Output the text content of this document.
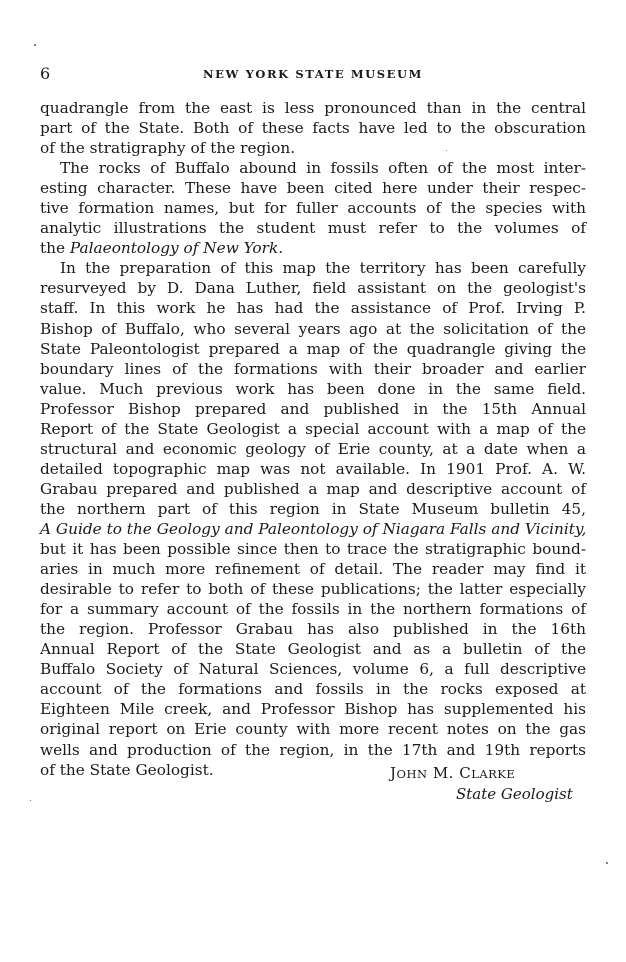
6	NEW YORK STATE MUSEUM
quadrangle from the east is less pronounced than in the central
part of the State. Both of these facts have led to the obscuration
of the stratigraphy of the region.
The rocks of Buffalo abound in fossils often of the most inter-
esting character. These have been cited here under their respec-
tive formation names, but for fuller accounts of the species with
analytic illustrations the student must refer to the volumes of
the Palaeontology of New York.
In the preparation of this map the territory has been carefully
resurveyed by D. Dana Luther, field assistant on the geologist's
staff. In this work he has had the assistance of Prof. Irving P.
Bishop of Buffalo, who several years ago at the solicitation of the
State Paleontologist prepared a map of the quadrangle giving the
boundary lines of the formations with their broader and earlier
value. Much previous work has been done in the same field.
Professor Bishop prepared and published in the 15th Annual
Report of the State Geologist a special account with a map of the
structural and economic geology of Erie county, at a date when a
detailed topographic map was not available. In 1901 Prof. A. W.
Grabau prepared and published a map and descriptive account of
the northern part of this region in State Museum bulletin 45,
A Guide to the Geology and Paleontology of Niagara Falls and Vicinity,
but it has been possible since then to trace the stratigraphic bound-
aries in much more refinement of detail. The reader may find it
desirable to refer to both of these publications; the latter especially
for a summary account of the fossils in the northern formations of
the region. Professor Grabau has also published in the 16th
Annual Report of the State Geologist and as a bulletin of the
Buffalo Society of Natural Sciences, volume 6, a full descriptive
account of the formations and fossils in the rocks exposed at
Eighteen Mile creek, and Professor Bishop has supplemented his
original report on Erie county with more recent notes on the gas
wells and production of the region, in the 17th and 19th reports
of the State Geologist.	JOHN M. CLARKE
State Geologist
